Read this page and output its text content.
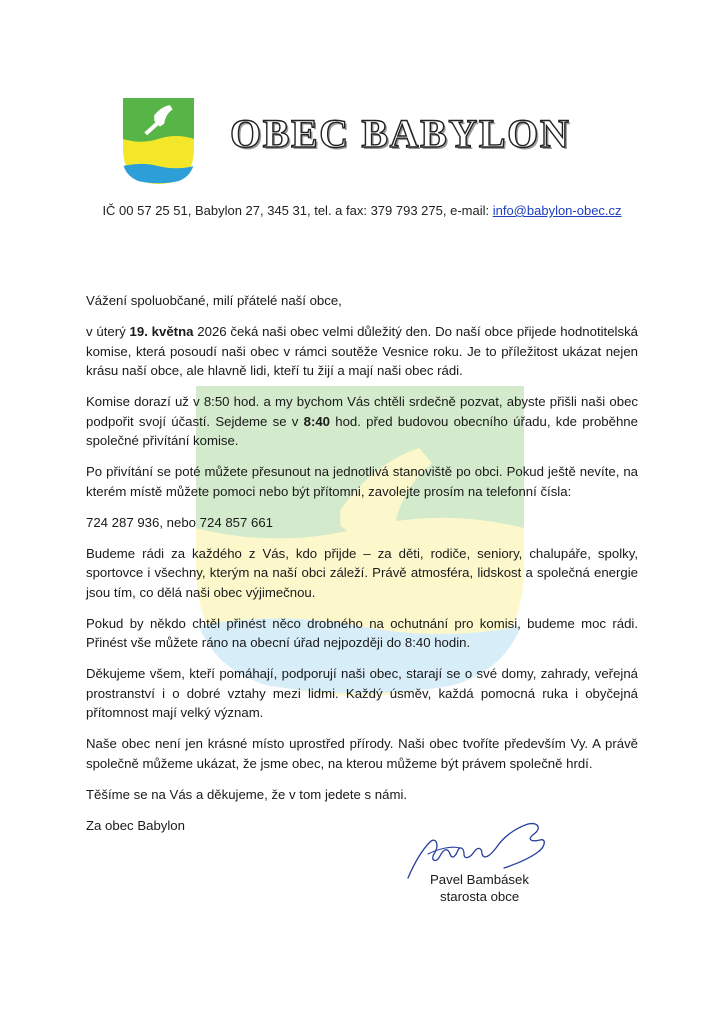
OBEC BABYLON
IČ 00 57 25 51, Babylon 27, 345 31, tel. a fax: 379 793 275, e-mail: info@babylon-obec.cz

Vážení spoluobčané, milí přátelé naší obce,

v úterý 19. května 2026 čeká naši obec velmi důležitý den. Do naší obce přijede hodnotitelská komise, která posoudí naši obec v rámci soutěže Vesnice roku. Je to příležitost ukázat nejen krásu naší obce, ale hlavně lidi, kteří tu žijí a mají naši obec rádi.

Komise dorazí už v 8:50 hod. a my bychom Vás chtěli srdečně pozvat, abyste přišli naši obec podpořit svojí účastí. Sejdeme se v 8:40 hod. před budovou obecního úřadu, kde proběhne společné přivítání komise.

Po přivítání se poté můžete přesunout na jednotlivá stanoviště po obci. Pokud ještě nevíte, na kterém místě můžete pomoci nebo být přítomni, zavolejte prosím na telefonní čísla:

724 287 936, nebo 724 857 661

Budeme rádi za každého z Vás, kdo přijde – za děti, rodiče, seniory, chalupáře, spolky, sportovce i všechny, kterým na naší obci záleží. Právě atmosféra, lidskost a společná energie jsou tím, co dělá naši obec výjimečnou.

Pokud by někdo chtěl přinést něco drobného na ochutnání pro komisi, budeme moc rádi. Přinést vše můžete ráno na obecní úřad nejpozději do 8:40 hodin.

Děkujeme všem, kteří pomáhají, podporují naši obec, starají se o své domy, zahrady, veřejná prostranství i o dobré vztahy mezi lidmi. Každý úsměv, každá pomocná ruka i obyčejná přítomnost mají velký význam.

Naše obec není jen krásné místo uprostřed přírody. Naši obec tvoříte především Vy. A právě společně můžeme ukázat, že jsme obec, na kterou můžeme být právem společně hrdí.

Těšíme se na Vás a děkujeme, že v tom jedete s námi.

Za obec Babylon

Pavel Bambásek
starosta obce
